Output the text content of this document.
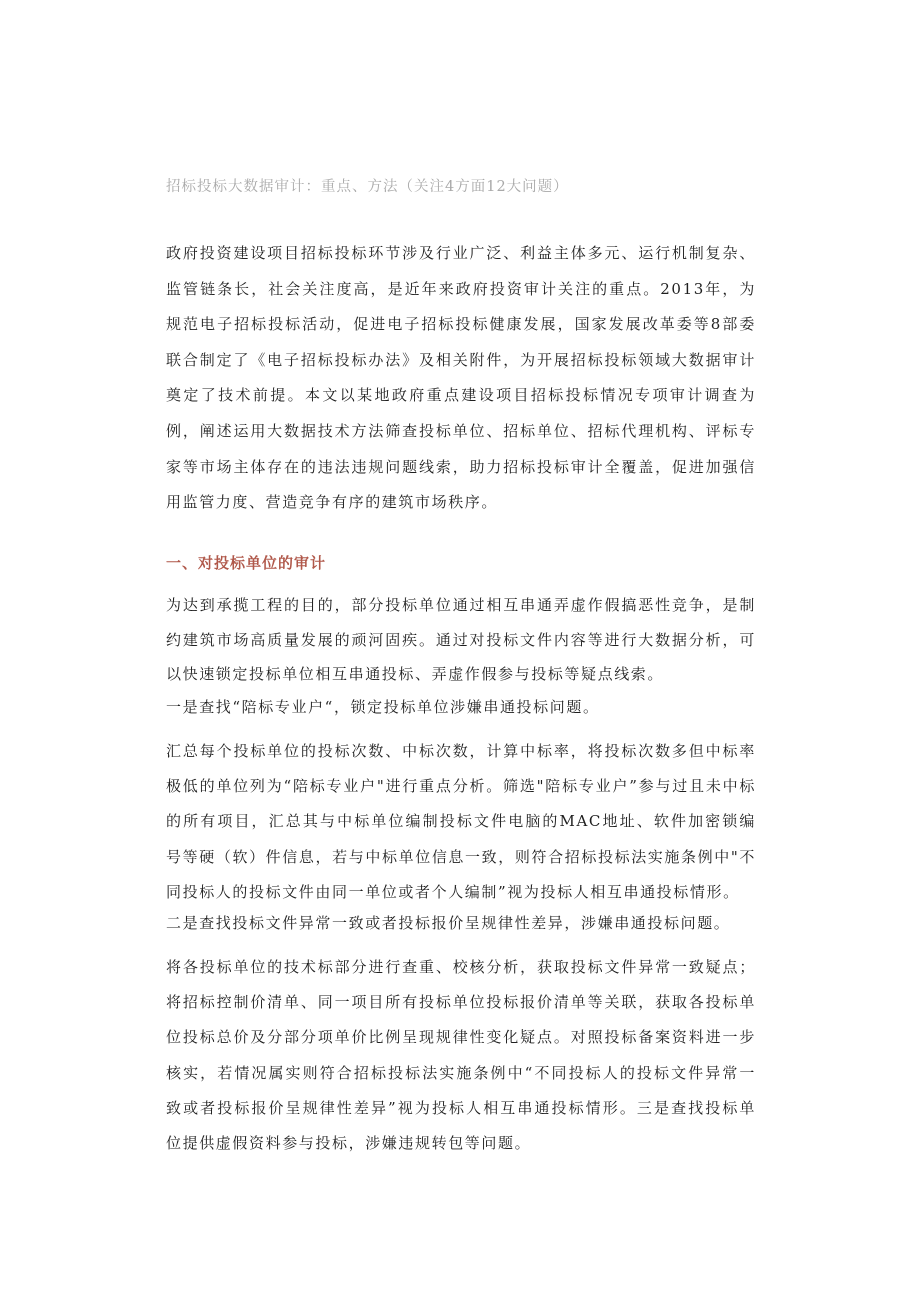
招标投标大数据审计：重点、方法（关注4方面12大问题）

政府投资建设项目招标投标环节涉及行业广泛、利益主体多元、运行机制复杂、监管链条长，社会关注度高，是近年来政府投资审计关注的重点。2013年，为规范电子招标投标活动，促进电子招标投标健康发展，国家发展改革委等8部委联合制定了《电子招标投标办法》及相关附件，为开展招标投标领域大数据审计奠定了技术前提。本文以某地政府重点建设项目招标投标情况专项审计调查为例，阐述运用大数据技术方法筛查投标单位、招标单位、招标代理机构、评标专家等市场主体存在的违法违规问题线索，助力招标投标审计全覆盖，促进加强信用监管力度、营造竞争有序的建筑市场秩序。

一、对投标单位的审计

为达到承揽工程的目的，部分投标单位通过相互串通弄虚作假搞恶性竞争，是制约建筑市场高质量发展的顽河固疾。通过对投标文件内容等进行大数据分析，可以快速锁定投标单位相互串通投标、弄虚作假参与投标等疑点线索。

一是查找“陪标专业户“，锁定投标单位涉嫌串通投标问题。

汇总每个投标单位的投标次数、中标次数，计算中标率，将投标次数多但中标率极低的单位列为“陪标专业户"进行重点分析。筛选"陪标专业户”参与过且未中标的所有项目，汇总其与中标单位编制投标文件电脑的MAC地址、软件加密锁编号等硬（软）件信息，若与中标单位信息一致，则符合招标投标法实施条例中"不同投标人的投标文件由同一单位或者个人编制”视为投标人相互串通投标情形。

二是查找投标文件异常一致或者投标报价呈规律性差异，涉嫌串通投标问题。

将各投标单位的技术标部分进行查重、校核分析，获取投标文件异常一致疑点；将招标控制价清单、同一项目所有投标单位投标报价清单等关联，获取各投标单位投标总价及分部分项单价比例呈现规律性变化疑点。对照投标备案资料进一步核实，若情况属实则符合招标投标法实施条例中“不同投标人的投标文件异常一致或者投标报价呈规律性差异”视为投标人相互串通投标情形。三是查找投标单位提供虚假资料参与投标，涉嫌违规转包等问题。
